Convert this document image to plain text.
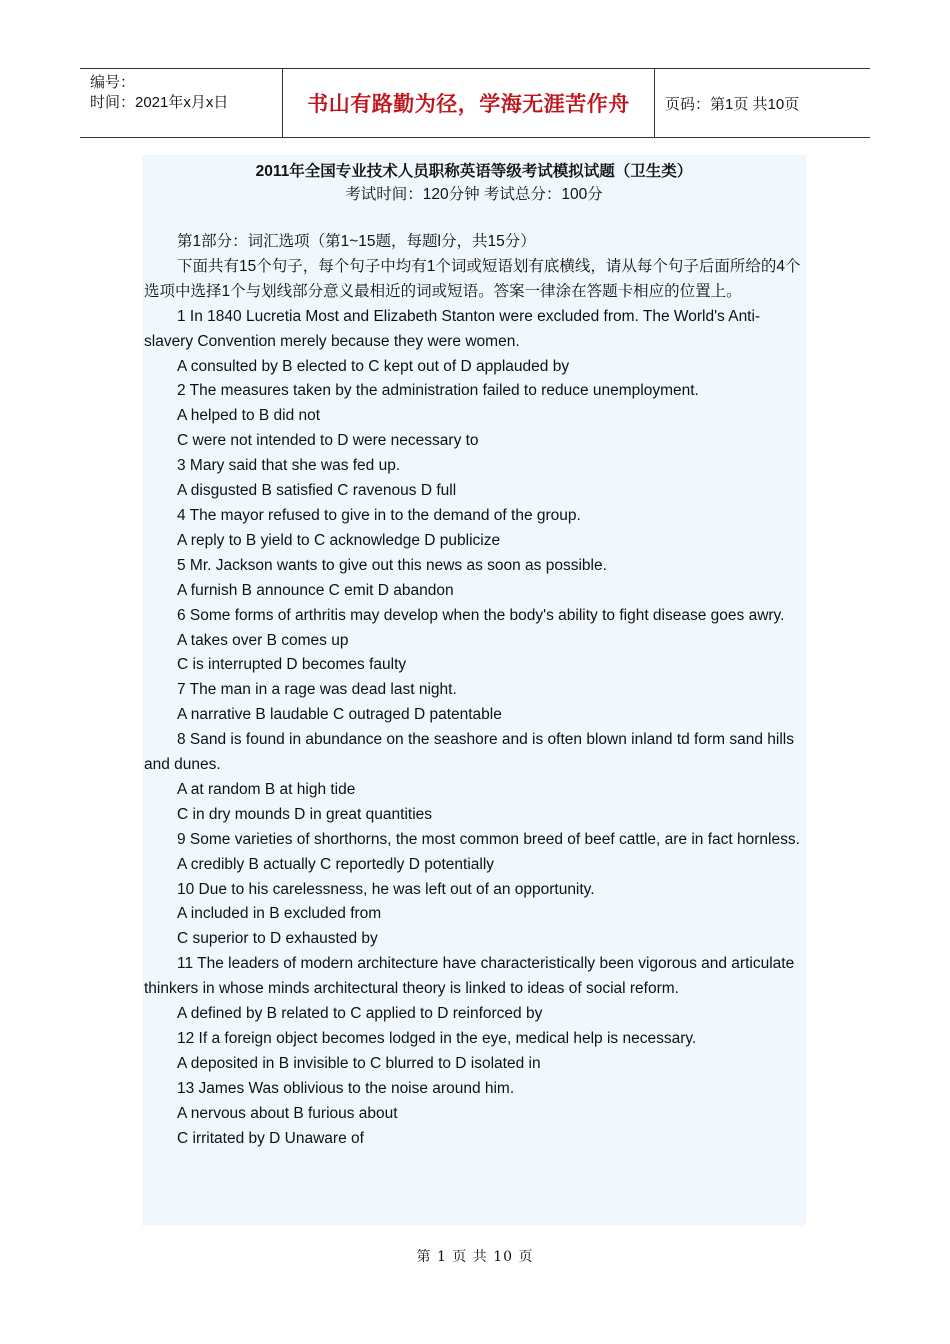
编号：
时间：2021年x月x日	书山有路勤为径，学海无涯苦作舟 页码：第1页 共10页
2011年全国专业技术人员职称英语等级考试模拟试题（卫生类）
考试时间：120分钟 考试总分：100分

第1部分：词汇选项（第1~15题，每题l分，共15分）

下面共有15个句子，每个句子中均有1个词或短语划有底横线，请从每个句子后面所给的4个选项中选择1个与划线部分意义最相近的词或短语。答案一律涂在答题卡相应的位置上。

1 In 1840 Lucretia Most and Elizabeth Stanton were excluded from. The World's Anti-slavery Convention merely because they were women.

A consulted by B elected to C kept out of D applauded by

2 The measures taken by the administration failed to reduce unemployment.

A helped to B did not

C were not intended to D were necessary to

3 Mary said that she was fed up.

A disgusted B satisfied C ravenous D full

4 The mayor refused to give in to the demand of the group.

A reply to B yield to C acknowledge D publicize

5 Mr. Jackson wants to give out this news as soon as possible.

A furnish B announce C emit D abandon

6 Some forms of arthritis may develop when the body's ability to fight disease goes awry.

A takes over B comes up

C is interrupted D becomes faulty

7 The man in a rage was dead last night.

A narrative B laudable C outraged D patentable

8 Sand is found in abundance on the seashore and is often blown inland td form sand hills and dunes.

A at random B at high tide

C in dry mounds D in great quantities

9 Some varieties of shorthorns, the most common breed of beef cattle, are in fact hornless.

A credibly B actually C reportedly D potentially

10 Due to his carelessness, he was left out of an opportunity.

A included in B excluded from

C superior to D exhausted by

11 The leaders of modern architecture have characteristically been vigorous and articulate thinkers in whose minds architectural theory is linked to ideas of social reform.

A defined by B related to C applied to D reinforced by

12 If a foreign object becomes lodged in the eye, medical help is necessary.

A deposited in B invisible to C blurred to D isolated in

13 James Was oblivious to the noise around him.

A nervous about B furious about

C irritated by D Unaware of

第 1 页 共 10 页
